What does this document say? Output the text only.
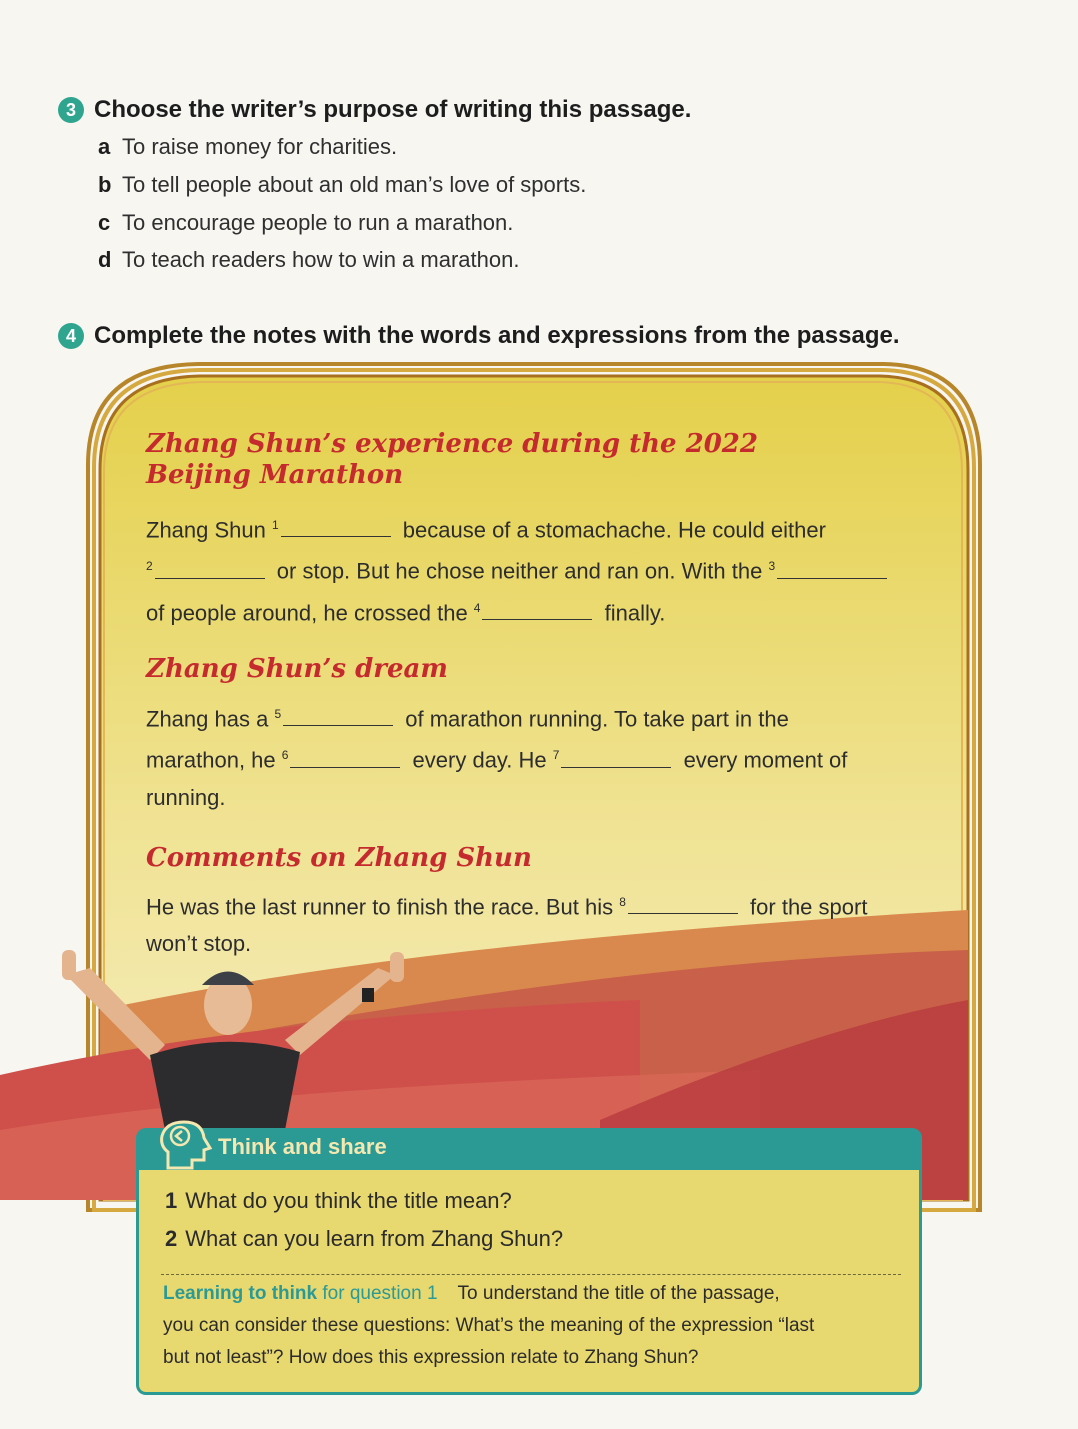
3 Choose the writer’s purpose of writing this passage.
a To raise money for charities.
b To tell people about an old man’s love of sports.
c To encourage people to run a marathon.
d To teach readers how to win a marathon.
4 Complete the notes with the words and expressions from the passage.
Zhang Shun’s experience during the 2022
Beijing Marathon
Zhang Shun $^1$	because of a stomachache. He could either
$^2$	or stop. But he chose neither and ran on. With the $^3$
of people around, he crossed the $^4$	finally.
Zhang Shun’s dream
Zhang has a $^5$	of marathon running. To take part in the
marathon, he $^6$	every day. He $^7$	every moment of
running.
Comments on Zhang Shun
He was the last runner to finish the race. But his $^8$	for the sport
won’t stop.
Think and share
1 What do you think the title mean?
2 What can you learn from Zhang Shun?
Learning to think for question 1 To understand the title of the passage,
you can consider these questions: What’s the meaning of the expression “last
but not least”? How does this expression relate to Zhang Shun?
